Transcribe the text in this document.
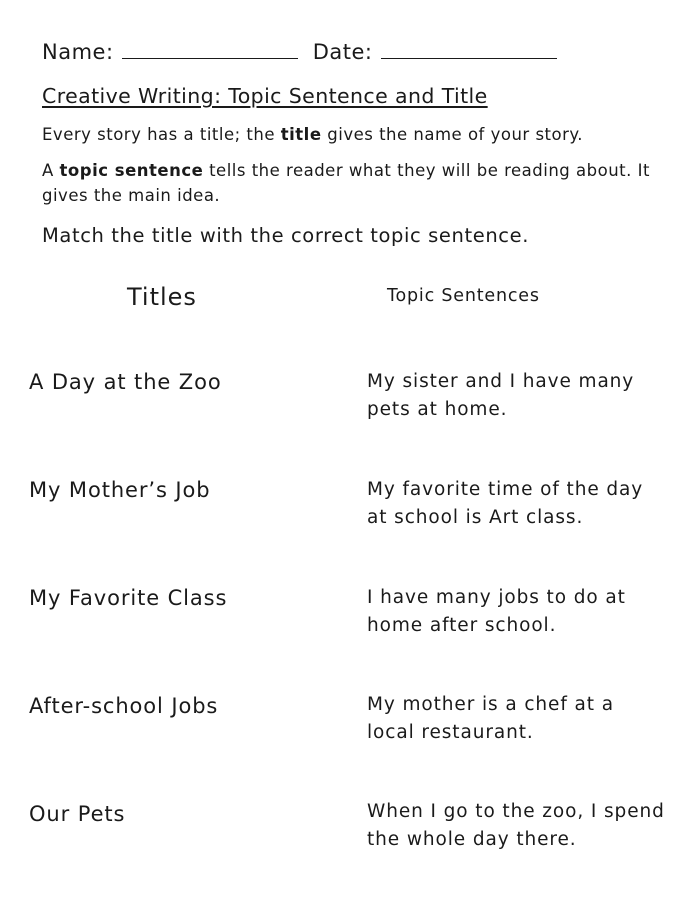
Name:	Date:
Creative Writing: Topic Sentence and Title
Every story has a title; the title gives the name of your story.
A topic sentence tells the reader what they will be reading about. It gives the main idea.
Match the title with the correct topic sentence.
Titles	Topic Sentences
A Day at the Zoo
My Mother’s Job
My Favorite Class
After-school Jobs
Our Pets
My sister and I have many pets at home.
My favorite time of the day at school is Art class.
I have many jobs to do at home after school.
My mother is a chef at a local restaurant.
When I go to the zoo, I spend the whole day there.
